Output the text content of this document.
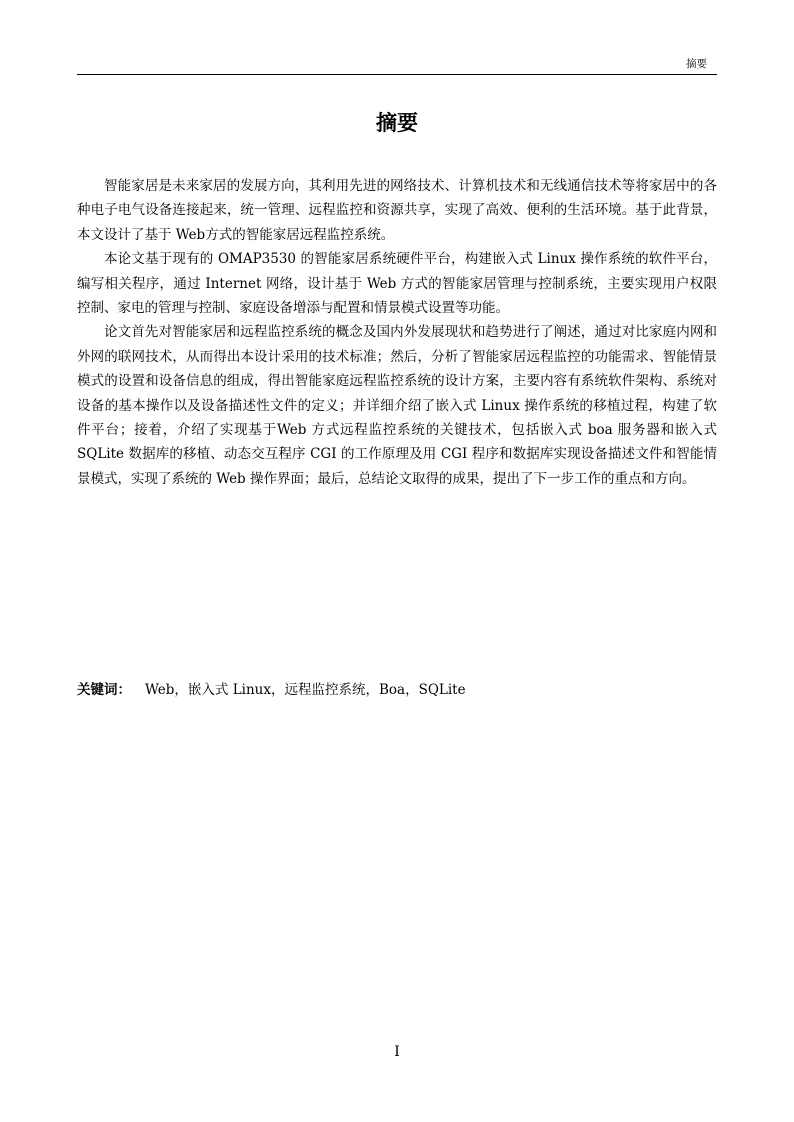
摘要
摘要

智能家居是未来家居的发展方向，其利用先进的网络技术、计算机技术和无线通信技术等将家居中的各种电子电气设备连接起来，统一管理、远程监控和资源共享，实现了高效、便利的生活环境。基于此背景，本文设计了基于 Web方式的智能家居远程监控系统。

本论文基于现有的 OMAP3530 的智能家居系统硬件平台，构建嵌入式 Linux 操作系统的软件平台，编写相关程序，通过 Internet 网络，设计基于 Web 方式的智能家居管理与控制系统，主要实现用户权限控制、家电的管理与控制、家庭设备增添与配置和情景模式设置等功能。

论文首先对智能家居和远程监控系统的概念及国内外发展现状和趋势进行了阐述，通过对比家庭内网和外网的联网技术，从而得出本设计采用的技术标准；然后，分析了智能家居远程监控的功能需求、智能情景模式的设置和设备信息的组成，得出智能家庭远程监控系统的设计方案，主要内容有系统软件架构、系统对设备的基本操作以及设备描述性文件的定义；并详细介绍了嵌入式 Linux 操作系统的移植过程，构建了软件平台；接着，介绍了实现基于Web 方式远程监控系统的关键技术，包括嵌入式 boa 服务器和嵌入式 SQLite 数据库的移植、动态交互程序 CGI 的工作原理及用 CGI 程序和数据库实现设备描述文件和智能情景模式，实现了系统的 Web 操作界面；最后，总结论文取得的成果，提出了下一步工作的重点和方向。

关键词： Web，嵌入式 Linux，远程监控系统，Boa，SQLite
I
